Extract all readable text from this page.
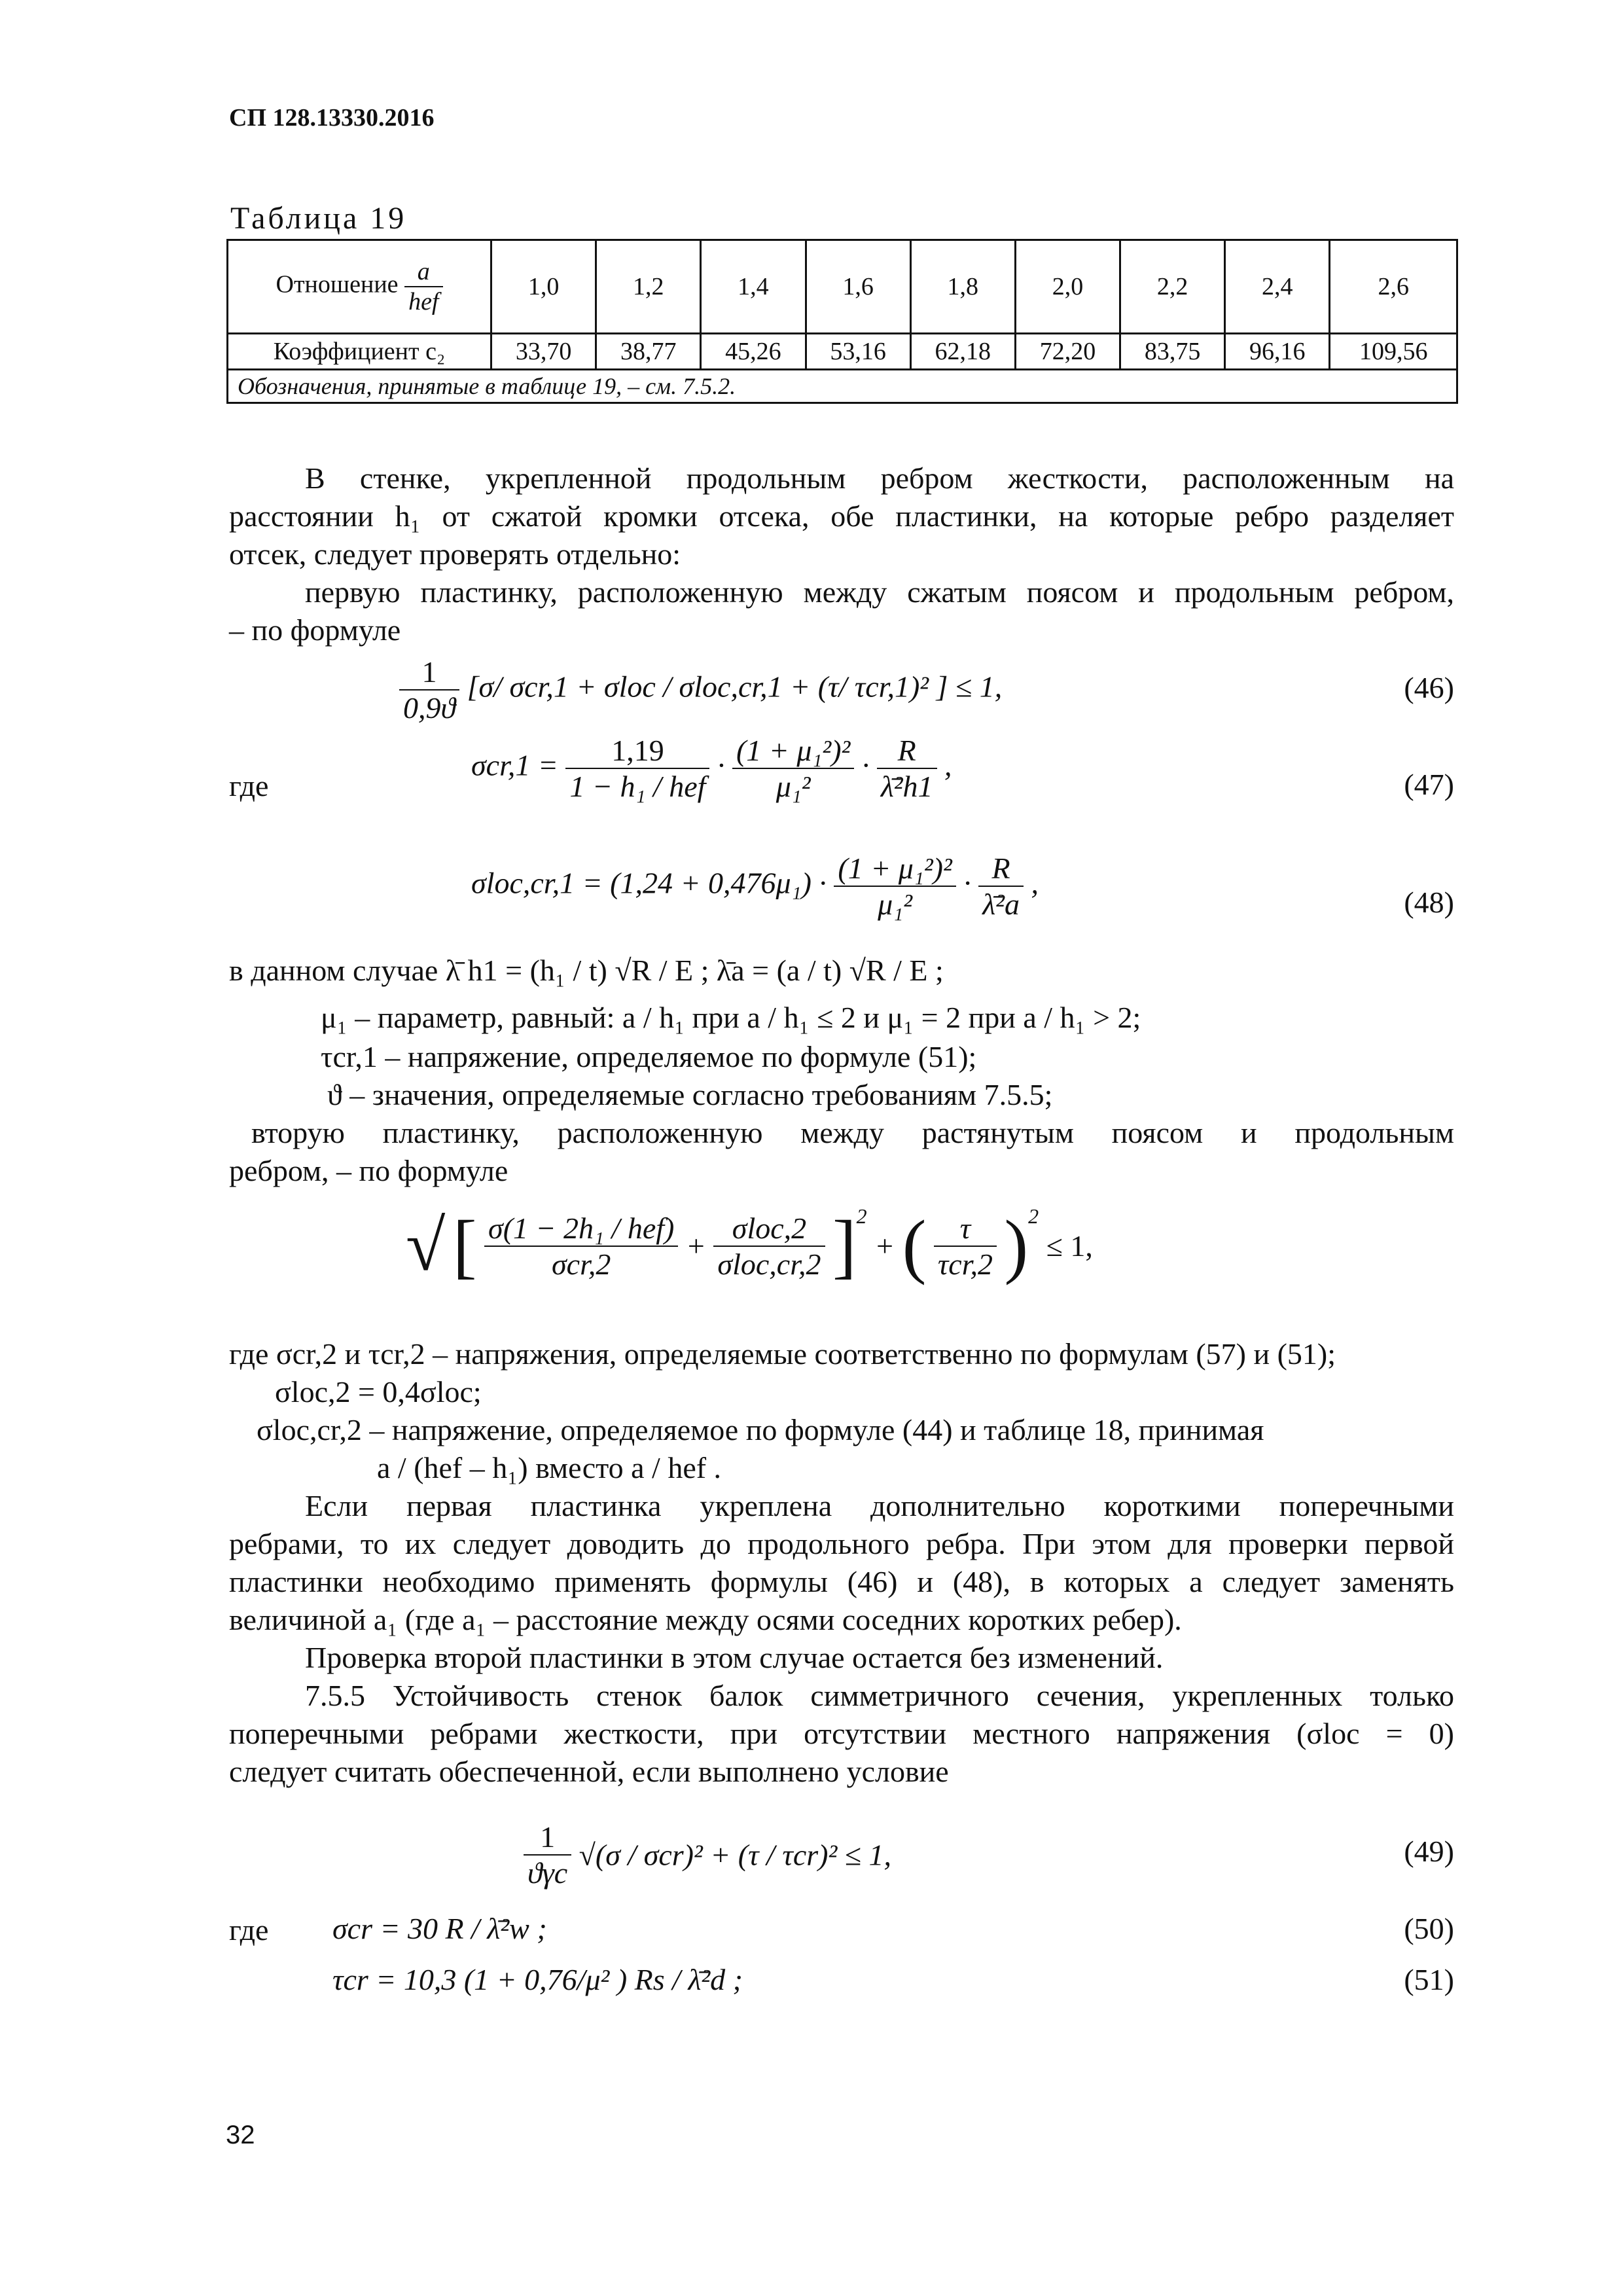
СП 128.13330.2016
Таблица 19
Отношение $\frac{a}{\text{hef}}$	1,0	1,2	1,4	1,6	1,8	2,0	2,2	2,4	2,6
Коэффициент c₂	33,70	38,77	45,26	53,16	62,18	72,20	83,75	96,16	109,56
Обозначения, принятые в таблице 19, – см. 7.5.2.									
В стенке, укрепленной продольным ребром жесткости, расположенным на
расстоянии h₁ от сжатой кромки отсека, обе пластинки, на которые ребро разделяет
отсек, следует проверять отдельно:
первую пластинку, расположенную между сжатым поясом и продольным ребром,
– по формуле
$\frac{1}{0,9ϑ} [\sigma/$ σcr,1 + σloc / σloc,cr,1 + (τ/ τcr,1)² ] ≤ 1,	(46)
где
$\sigma cr,1 = \frac{1,19}{\text{1 − h₁ / hef}} \cdot \frac{\text{(1 + μ₁²)²}}{\text{μ₁²}} \cdot \frac{R}{\text{λ̄²h1}}$ ,
(47)
$\sigma loc,cr,1 = (1,24 + 0,476\mu_1) \cdot \frac{\text{(1 + μ₁²)²}}{\text{μ₁²}} \cdot \frac{R}{\text{λ̄²a}}$ ,
(48)
в данном случае λ̄ h1 = (h₁ / t) √R / E ; λ̄a = (a / t) √R / E ;
μ₁ – параметр, равный: a / h₁ при a / h₁ ≤ 2 и μ₁ = 2 при a / h₁ > 2;
τcr,1 – напряжение, определяемое по формуле (51);
ϑ – значения, определяемые согласно требованиям 7.5.5;
вторую пластинку, расположенную между растянутым поясом и продольным
ребром, – по формуле
√ [ $\frac{\text{σ(1 − 2h₁ / hef)}}{\text{σcr,2}} + \frac{\text{σloc,2}}{\text{σloc,cr,2}} ]^2$ + ( $\frac{\tau}{\text{τcr,2}} )^2 \le 1$,
где σcr,2 и τcr,2 – напряжения, определяемые соответственно по формулам (57) и (51);
σloc,2 = 0,4σloc;
σloc,cr,2 – напряжение, определяемое по формуле (44) и таблице 18, принимая
a / (hef – h₁) вместо a / hef .
Если первая пластинка укреплена дополнительно короткими поперечными
ребрами, то их следует доводить до продольного ребра. При этом для проверки первой
пластинки необходимо применять формулы (46) и (48), в которых a следует заменять
величиной a₁ (где a₁ – расстояние между осями соседних коротких ребер).
Проверка второй пластинки в этом случае остается без изменений.
7.5.5 Устойчивость стенок балок симметричного сечения, укрепленных только
поперечными ребрами жесткости, при отсутствии местного напряжения (σloc = 0)
следует считать обеспеченной, если выполнено условие
$\frac{1}{\text{ϑγc}} √(\sigma / \sigma cr)^2 + (\tau / \tau cr)^2 \le 1$,	(49)
где σcr = 30 R / λ̄²w ;	(50)
τcr = 10,3 (1 + 0,76/μ² ) Rs / λ̄²d ;	(51)
32
